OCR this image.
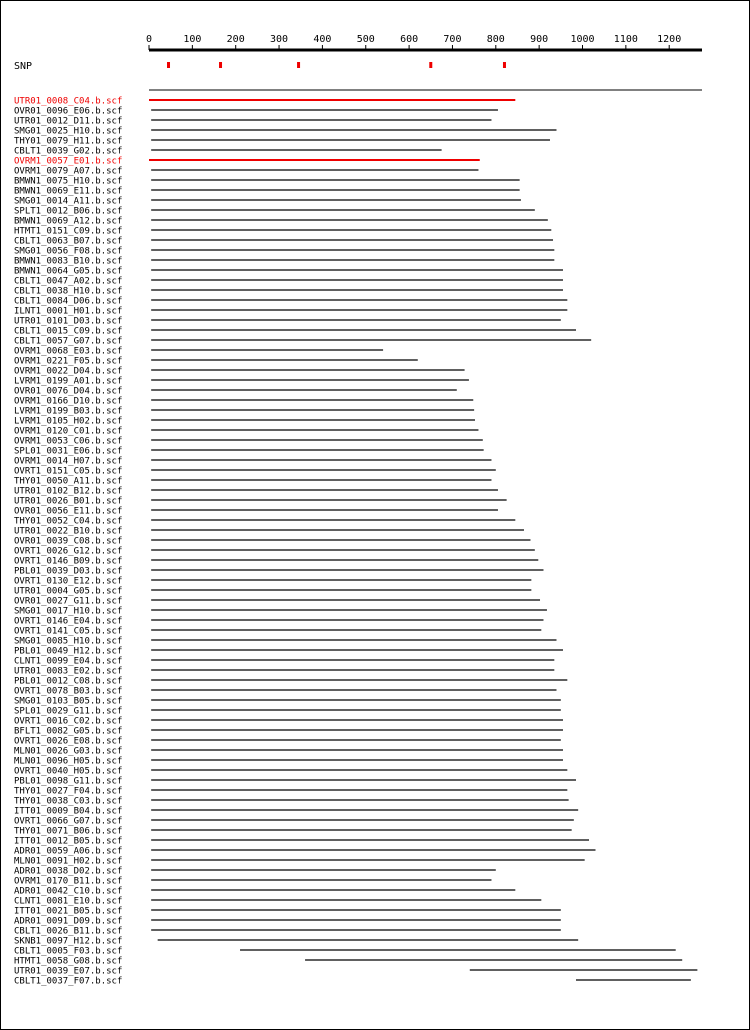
0	100	200	300	400	500	600	700	800	900 1000 1100 1200
SNP
UTR01_0008_C04.b.scf
OVR01_0096_E06.b.scf
UTR01_0012_D11.b.scf
SMG01_0025_H10.b.scf
THY01_0079_H11.b.scf
CBLT1_0039_G02.b.scf
OVRM1_0057_E01.b.scf
OVRM1_0079_A07.b.scf
BMWN1_0075_H10.b.scf
BMWN1_0069_E11.b.scf
SMG01_0014_A11.b.scf
SPLT1_0012_B06.b.scf
BMWN1_0069_A12.b.scf
HTMT1_0151_C09.b.scf
CBLT1_0063_B07.b.scf
SMG01_0056_F08.b.scf
BMWN1_0083_B10.b.scf
BMWN1_0064_G05.b.scf
CBLT1_0047_A02.b.scf
CBLT1_0038_H10.b.scf
CBLT1_0084_D06.b.scf
ILNT1_0001_H01.b.scf
UTR01_0101_D03.b.scf
CBLT1_0015_C09.b.scf
CBLT1_0057_G07.b.scf
OVRM1_0068_E03.b.scf
OVRM1_0221_F05.b.scf
OVRM1_0022_D04.b.scf
LVRM1_0199_A01.b.scf
OVR01_0076_D04.b.scf
OVRM1_0166_D10.b.scf
LVRM1_0199_B03.b.scf
LVRM1_0105_H02.b.scf
OVRM1_0120_C01.b.scf
OVRM1_0053_C06.b.scf
SPL01_0031_E06.b.scf
OVRM1_0014_H07.b.scf
OVRT1_0151_C05.b.scf
THY01_0050_A11.b.scf
UTR01_0102_B12.b.scf
UTR01_0026_B01.b.scf
OVR01_0056_E11.b.scf
THY01_0052_C04.b.scf
UTR01_0022_B10.b.scf
OVR01_0039_C08.b.scf
OVRT1_0026_G12.b.scf
OVRT1_0146_B09.b.scf
PBL01_0039_D03.b.scf
OVRT1_0130_E12.b.scf
UTR01_0004_G05.b.scf
OVR01_0027_G11.b.scf
SMG01_0017_H10.b.scf
OVRT1_0146_E04.b.scf
OVRT1_0141_C05.b.scf
SMG01_0085_H10.b.scf
PBL01_0049_H12.b.scf
CLNT1_0099_E04.b.scf
UTR01_0083_E02.b.scf
PBL01_0012_C08.b.scf
OVRT1_0078_B03.b.scf
SMG01_0103_B05.b.scf
SPL01_0029_G11.b.scf
OVRT1_0016_C02.b.scf
BFLT1_0082_G05.b.scf
OVRT1_0026_E08.b.scf
MLN01_0026_G03.b.scf
MLN01_0096_H05.b.scf
OVRT1_0040_H05.b.scf
PBL01_0098_G11.b.scf
THY01_0027_F04.b.scf
THY01_0038_C03.b.scf
ITT01_0009_B04.b.scf
OVRT1_0066_G07.b.scf
THY01_0071_B06.b.scf
ITT01_0012_B05.b.scf
ADR01_0059_A06.b.scf
MLN01_0091_H02.b.scf
ADR01_0038_D02.b.scf
OVRM1_0170_B11.b.scf
ADR01_0042_C10.b.scf
CLNT1_0081_E10.b.scf
ITT01_0021_B05.b.scf
ADR01_0091_D09.b.scf
CBLT1_0026_B11.b.scf
SKNB1_0097_H12.b.scf
CBLT1_0005_F03.b.scf
HTMT1_0058_G08.b.scf
UTR01_0039_E07.b.scf
CBLT1_0037_F07.b.scf
